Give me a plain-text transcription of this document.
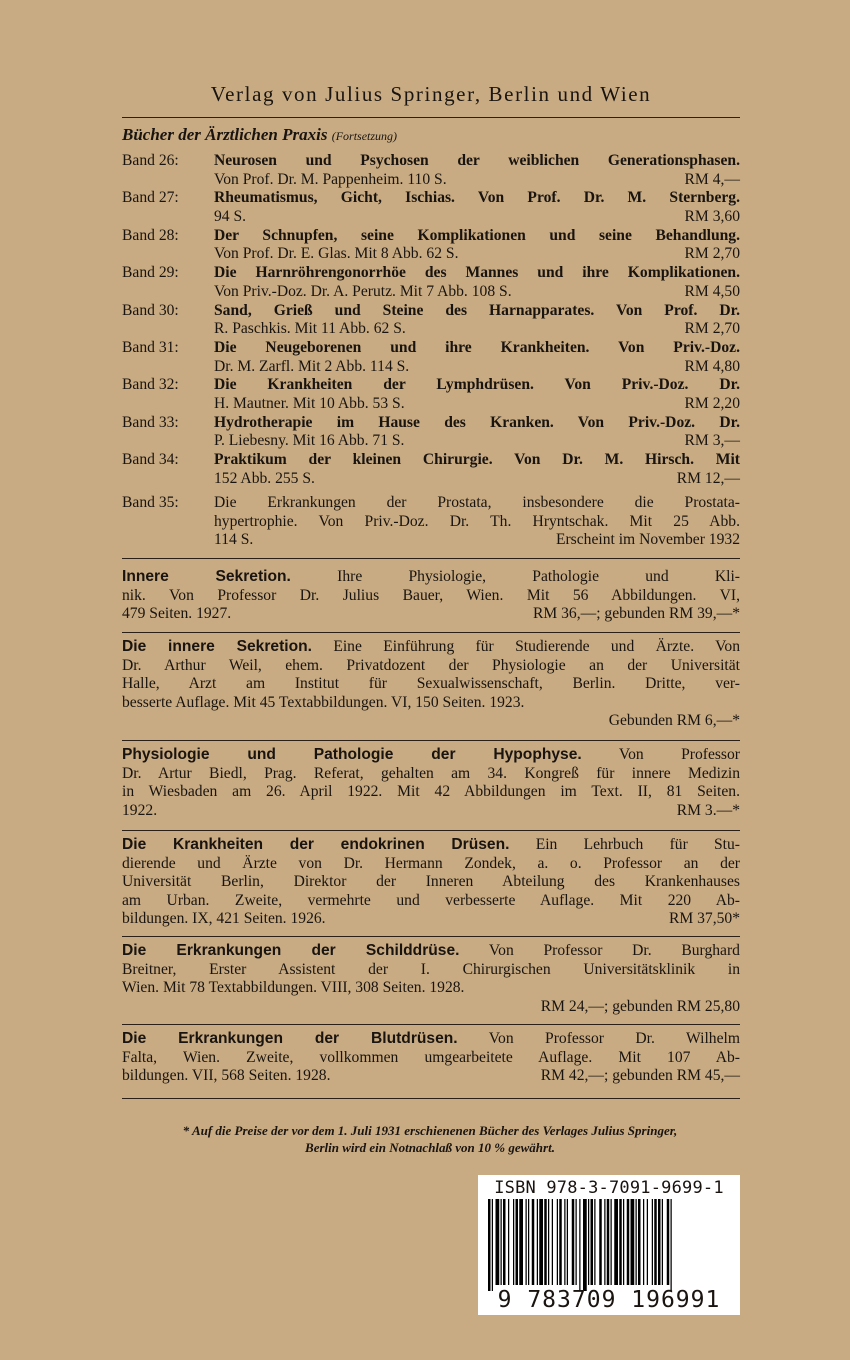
Verlag von Julius Springer, Berlin und Wien
Bücher der Ärztlichen Praxis (Fortsetzung)
Band 26:	Neurosen und Psychosen der weiblichen Generationsphasen.
Von Prof. Dr. M. Pappenheim. 110 S.	RM 4,—
Band 27:	Rheumatismus, Gicht, Ischias. Von Prof. Dr. M. Sternberg.
94 S.	RM 3,60
Band 28:	Der Schnupfen, seine Komplikationen und seine Behandlung.
Von Prof. Dr. E. Glas. Mit 8 Abb. 62 S.	RM 2,70
Band 29:	Die Harnröhrengonorrhöe des Mannes und ihre Komplikationen.
Von Priv.-Doz. Dr. A. Perutz. Mit 7 Abb. 108 S.	RM 4,50
Band 30:	Sand, Grieß und Steine des Harnapparates. Von Prof. Dr.
R. Paschkis. Mit 11 Abb. 62 S.	RM 2,70
Band 31:	Die Neugeborenen und ihre Krankheiten. Von Priv.-Doz.
Dr. M. Zarfl. Mit 2 Abb. 114 S.	RM 4,80
Band 32:	Die Krankheiten der Lymphdrüsen. Von Priv.-Doz. Dr.
H. Mautner. Mit 10 Abb. 53 S.	RM 2,20
Band 33:	Hydrotherapie im Hause des Kranken. Von Priv.-Doz. Dr.
P. Liebesny. Mit 16 Abb. 71 S.	RM 3,—
Band 34:	Praktikum der kleinen Chirurgie. Von Dr. M. Hirsch. Mit
152 Abb. 255 S.	RM 12,—
Band 35:	Die Erkrankungen der Prostata, insbesondere die Prostata-
hypertrophie. Von Priv.-Doz. Dr. Th. Hryntschak. Mit 25 Abb.
114 S.	Erscheint im November 1932
Innere Sekretion.	Ihre Physiologie, Pathologie und Kli-
nik. Von Professor Dr. Julius Bauer, Wien. Mit 56 Abbildungen. VI,
479 Seiten. 1927.	RM 36,—; gebunden RM 39,—*
Die innere Sekretion. Eine Einführung für Studierende und Ärzte. Von
Dr. Arthur Weil, ehem. Privatdozent der Physiologie an der Universität
Halle, Arzt am Institut für Sexualwissenschaft, Berlin. Dritte, ver-
besserte Auflage. Mit 45 Textabbildungen. VI, 150 Seiten. 1923.
Gebunden RM 6,—*
Physiologie und Pathologie der Hypophyse. Von Professor
Dr. Artur Biedl, Prag. Referat, gehalten am 34. Kongreß für innere Medizin
in Wiesbaden am 26. April 1922. Mit 42 Abbildungen im Text. II, 81 Seiten.
1922.	RM 3.—*
Die Krankheiten der endokrinen Drüsen. Ein Lehrbuch für Stu-
dierende und Ärzte von Dr. Hermann Zondek, a. o. Professor an der
Universität Berlin, Direktor der Inneren Abteilung des Krankenhauses
am Urban. Zweite, vermehrte und verbesserte Auflage. Mit 220 Ab-
bildungen. IX, 421 Seiten. 1926.	RM 37,50*
Die Erkrankungen der Schilddrüse. Von Professor Dr. Burghard
Breitner, Erster Assistent der I. Chirurgischen Universitätsklinik in
Wien. Mit 78 Textabbildungen. VIII, 308 Seiten. 1928.
RM 24,—; gebunden RM 25,80
Die Erkrankungen der Blutdrüsen. Von Professor Dr. Wilhelm
Falta, Wien. Zweite, vollkommen umgearbeitete Auflage. Mit 107 Ab-
bildungen. VII, 568 Seiten. 1928.	RM 42,—; gebunden RM 45,—
* Auf die Preise der vor dem 1. Juli 1931 erschienenen Bücher des Verlages Julius Springer,
Berlin wird ein Notnachlaß von 10 % gewährt.
ISBN 978-3-7091-9699-1
9 783709 196991
